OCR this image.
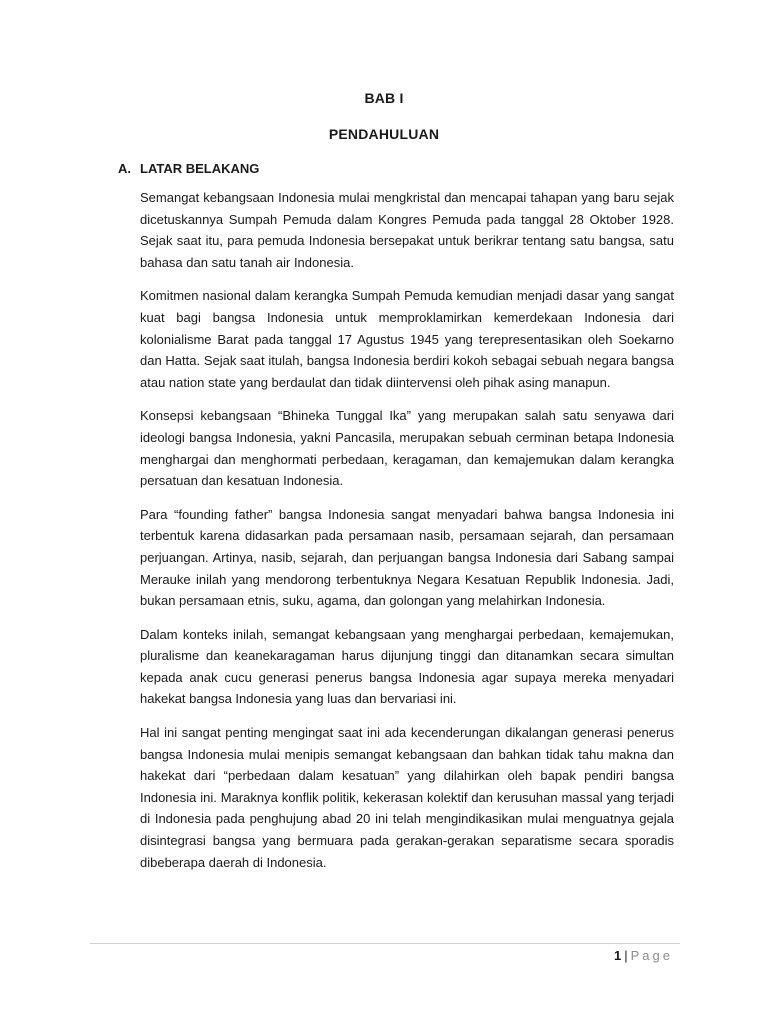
BAB I
PENDAHULUAN
A. LATAR BELAKANG

Semangat kebangsaan Indonesia mulai mengkristal dan mencapai tahapan yang baru sejak dicetuskannya Sumpah Pemuda dalam Kongres Pemuda pada tanggal 28 Oktober 1928. Sejak saat itu, para pemuda Indonesia bersepakat untuk berikrar tentang satu bangsa, satu bahasa dan satu tanah air Indonesia.

Komitmen nasional dalam kerangka Sumpah Pemuda kemudian menjadi dasar yang sangat kuat bagi bangsa Indonesia untuk memproklamirkan kemerdekaan Indonesia dari kolonialisme Barat pada tanggal 17 Agustus 1945 yang terepresentasikan oleh Soekarno dan Hatta. Sejak saat itulah, bangsa Indonesia berdiri kokoh sebagai sebuah negara bangsa atau nation state yang berdaulat dan tidak diintervensi oleh pihak asing manapun.

Konsepsi kebangsaan “Bhineka Tunggal Ika” yang merupakan salah satu senyawa dari ideologi bangsa Indonesia, yakni Pancasila, merupakan sebuah cerminan betapa Indonesia menghargai dan menghormati perbedaan, keragaman, dan kemajemukan dalam kerangka persatuan dan kesatuan Indonesia.

Para “founding father” bangsa Indonesia sangat menyadari bahwa bangsa Indonesia ini terbentuk karena didasarkan pada persamaan nasib, persamaan sejarah, dan persamaan perjuangan. Artinya, nasib, sejarah, dan perjuangan bangsa Indonesia dari Sabang sampai Merauke inilah yang mendorong terbentuknya Negara Kesatuan Republik Indonesia. Jadi, bukan persamaan etnis, suku, agama, dan golongan yang melahirkan Indonesia.

Dalam konteks inilah, semangat kebangsaan yang menghargai perbedaan, kemajemukan, pluralisme dan keanekaragaman harus dijunjung tinggi dan ditanamkan secara simultan kepada anak cucu generasi penerus bangsa Indonesia agar supaya mereka menyadari hakekat bangsa Indonesia yang luas dan bervariasi ini.

Hal ini sangat penting mengingat saat ini ada kecenderungan dikalangan generasi penerus bangsa Indonesia mulai menipis semangat kebangsaan dan bahkan tidak tahu makna dan hakekat dari “perbedaan dalam kesatuan” yang dilahirkan oleh bapak pendiri bangsa Indonesia ini. Maraknya konflik politik, kekerasan kolektif dan kerusuhan massal yang terjadi di Indonesia pada penghujung abad 20 ini telah mengindikasikan mulai menguatnya gejala disintegrasi bangsa yang bermuara pada gerakan-gerakan separatisme secara sporadis dibeberapa daerah di Indonesia.

1 | Page
